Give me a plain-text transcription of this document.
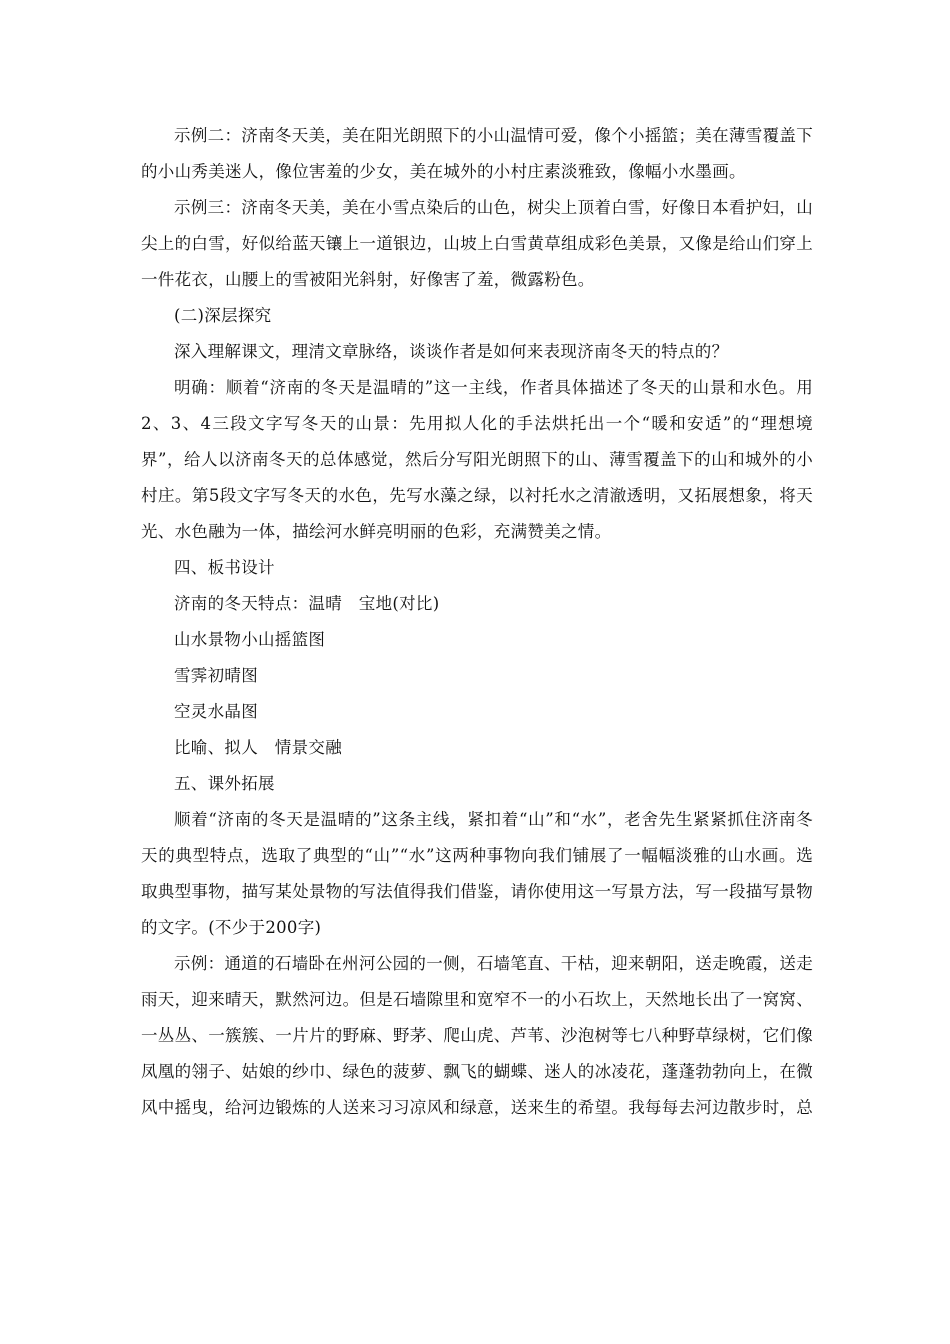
示例二：济南冬天美，美在阳光朗照下的小山温情可爱，像个小摇篮；美在薄雪覆盖下的小山秀美迷人，像位害羞的少女，美在城外的小村庄素淡雅致，像幅小水墨画。

示例三：济南冬天美，美在小雪点染后的山色，树尖上顶着白雪，好像日本看护妇，山尖上的白雪，好似给蓝天镶上一道银边，山坡上白雪黄草组成彩色美景，又像是给山们穿上一件花衣，山腰上的雪被阳光斜射，好像害了羞，微露粉色。

(二)深层探究

深入理解课文，理清文章脉络，谈谈作者是如何来表现济南冬天的特点的？

明确：顺着“济南的冬天是温晴的”这一主线，作者具体描述了冬天的山景和水色。用2、3、4三段文字写冬天的山景：先用拟人化的手法烘托出一个“暖和安适”的“理想境界”，给人以济南冬天的总体感觉，然后分写阳光朗照下的山、薄雪覆盖下的山和城外的小村庄。第5段文字写冬天的水色，先写水藻之绿，以衬托水之清澈透明，又拓展想象，将天光、水色融为一体，描绘河水鲜亮明丽的色彩，充满赞美之情。

四、板书设计

济南的冬天特点：温晴　宝地(对比)

山水景物小山摇篮图

雪霁初晴图

空灵水晶图

比喻、拟人　情景交融

五、课外拓展

顺着“济南的冬天是温晴的”这条主线，紧扣着“山”和“水”，老舍先生紧紧抓住济南冬天的典型特点，选取了典型的“山”“水”这两种事物向我们铺展了一幅幅淡雅的山水画。选取典型事物，描写某处景物的写法值得我们借鉴，请你使用这一写景方法，写一段描写景物的文字。(不少于200字)

示例：通道的石墙卧在州河公园的一侧，石墙笔直、干枯，迎来朝阳，送走晚霞，送走雨天，迎来晴天，默然河边。但是石墙隙里和宽窄不一的小石坎上，天然地长出了一窝窝、一丛丛、一簇簇、一片片的野麻、野茅、爬山虎、芦苇、沙泡树等七八种野草绿树，它们像凤凰的翎子、姑娘的纱巾、绿色的菠萝、飘飞的蝴蝶、迷人的冰凌花，蓬蓬勃勃向上，在微风中摇曳，给河边锻炼的人送来习习凉风和绿意，送来生的希望。我每每去河边散步时，总
